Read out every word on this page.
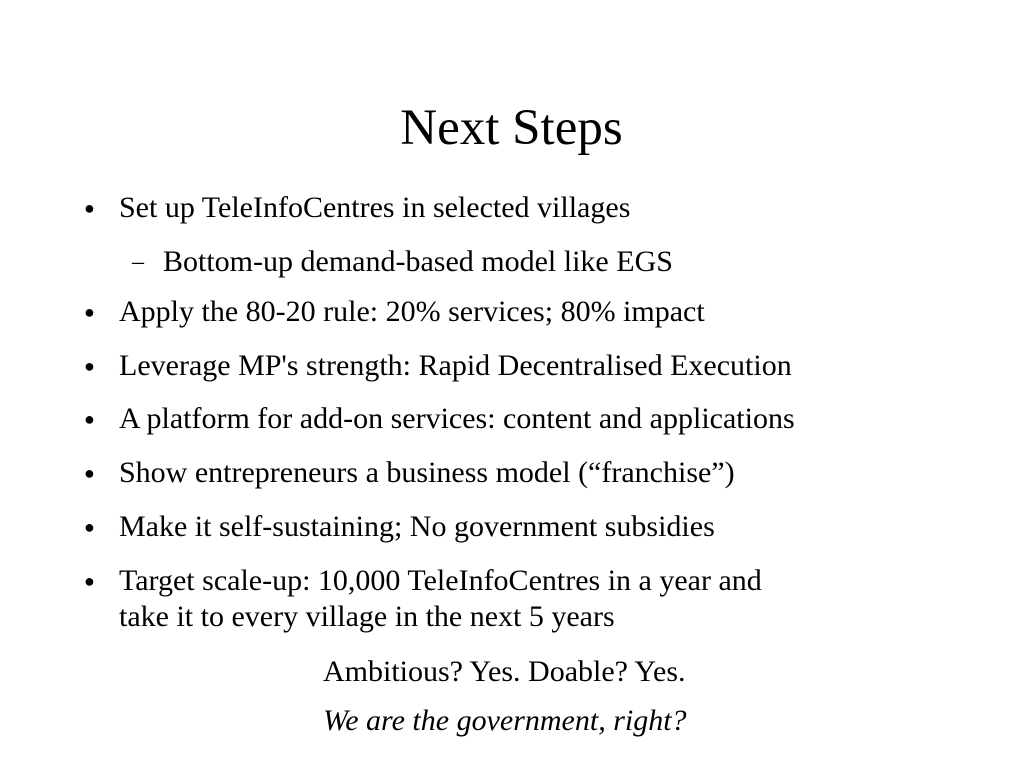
Next Steps
● Set up TeleInfoCentres in selected villages
– Bottom-up demand-based model like EGS
● Apply the 80-20 rule: 20% services; 80% impact
● Leverage MP's strength: Rapid Decentralised Execution
● A platform for add-on services: content and applications
● Show entrepreneurs a business model (“franchise”)
● Make it self-sustaining; No government subsidies
● Target scale-up: 10,000 TeleInfoCentres in a year and
take it to every village in the next 5 years
Ambitious? Yes. Doable? Yes.
We are the government, right?
